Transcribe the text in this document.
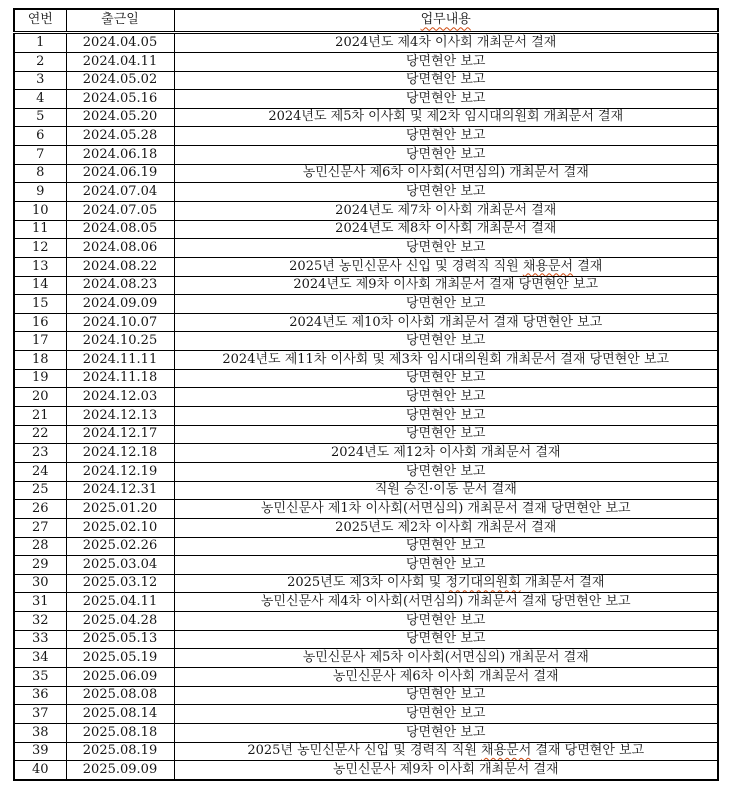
연번	출근일	업무내용
1	2024.04.05	2024년도 제4차 이사회 개최문서 결재
2	2024.04.11	당면현안 보고
3	2024.05.02	당면현안 보고
4	2024.05.16	당면현안 보고
5	2024.05.20	2024년도 제5차 이사회 및 제2차 임시대의원회 개최문서 결재
6	2024.05.28	당면현안 보고
7	2024.06.18	당면현안 보고
8	2024.06.19	농민신문사 제6차 이사회(서면심의) 개최문서 결재
9	2024.07.04	당면현안 보고
10	2024.07.05	2024년도 제7차 이사회 개최문서 결재
11	2024.08.05	2024년도 제8차 이사회 개최문서 결재
12	2024.08.06	당면현안 보고
13	2024.08.22	2025년 농민신문사 신입 및 경력직 직원 채용문서 결재
14	2024.08.23	2024년도 제9차 이사회 개최문서 결재 당면현안 보고
15	2024.09.09	당면현안 보고
16	2024.10.07	2024년도 제10차 이사회 개최문서 결재 당면현안 보고
17	2024.10.25	당면현안 보고
18	2024.11.11	2024년도 제11차 이사회 및 제3차 임시대의원회 개최문서 결재 당면현안 보고
19	2024.11.18	당면현안 보고
20	2024.12.03	당면현안 보고
21	2024.12.13	당면현안 보고
22	2024.12.17	당면현안 보고
23	2024.12.18	2024년도 제12차 이사회 개최문서 결재
24	2024.12.19	당면현안 보고
25	2024.12.31	직원 승진·이동 문서 결재
26	2025.01.20	농민신문사 제1차 이사회(서면심의) 개최문서 결재 당면현안 보고
27	2025.02.10	2025년도 제2차 이사회 개최문서 결재
28	2025.02.26	당면현안 보고
29	2025.03.04	당면현안 보고
30	2025.03.12	2025년도 제3차 이사회 및 정기대의원회 개최문서 결재
31	2025.04.11	농민신문사 제4차 이사회(서면심의) 개최문서 결재 당면현안 보고
32	2025.04.28	당면현안 보고
33	2025.05.13	당면현안 보고
34	2025.05.19	농민신문사 제5차 이사회(서면심의) 개최문서 결재
35	2025.06.09	농민신문사 제6차 이사회 개최문서 결재
36	2025.08.08	당면현안 보고
37	2025.08.14	당면현안 보고
38	2025.08.18	당면현안 보고
39	2025.08.19	2025년 농민신문사 신입 및 경력직 직원 채용문서 결재 당면현안 보고
40	2025.09.09	농민신문사 제9차 이사회 개최문서 결재
